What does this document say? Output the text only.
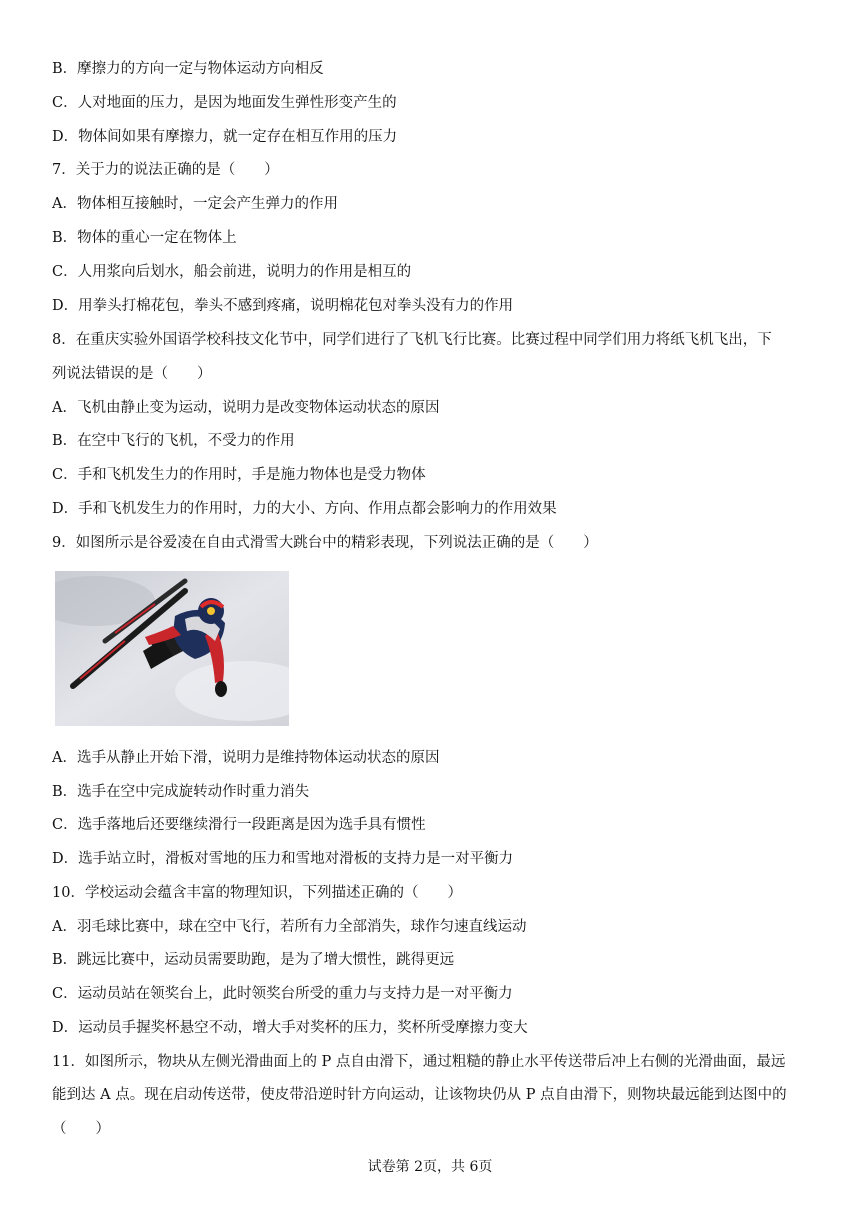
B．摩擦力的方向一定与物体运动方向相反
C．人对地面的压力，是因为地面发生弹性形变产生的
D．物体间如果有摩擦力，就一定存在相互作用的压力
7．关于力的说法正确的是（　　）
A．物体相互接触时，一定会产生弹力的作用
B．物体的重心一定在物体上
C．人用浆向后划水，船会前进，说明力的作用是相互的
D．用拳头打棉花包，拳头不感到疼痛，说明棉花包对拳头没有力的作用
8．在重庆实验外国语学校科技文化节中，同学们进行了飞机飞行比赛。比赛过程中同学们用力将纸飞机飞出，下
列说法错误的是（　　）
A．飞机由静止变为运动，说明力是改变物体运动状态的原因
B．在空中飞行的飞机，不受力的作用
C．手和飞机发生力的作用时，手是施力物体也是受力物体
D．手和飞机发生力的作用时，力的大小、方向、作用点都会影响力的作用效果
9．如图所示是谷爱凌在自由式滑雪大跳台中的精彩表现，下列说法正确的是（　　）
A．选手从静止开始下滑，说明力是维持物体运动状态的原因
B．选手在空中完成旋转动作时重力消失
C．选手落地后还要继续滑行一段距离是因为选手具有惯性
D．选手站立时，滑板对雪地的压力和雪地对滑板的支持力是一对平衡力
10．学校运动会蕴含丰富的物理知识，下列描述正确的（　　）
A．羽毛球比赛中，球在空中飞行，若所有力全部消失，球作匀速直线运动
B．跳远比赛中，运动员需要助跑，是为了增大惯性，跳得更远
C．运动员站在领奖台上，此时领奖台所受的重力与支持力是一对平衡力
D．运动员手握奖杯悬空不动，增大手对奖杯的压力，奖杯所受摩擦力变大
11．如图所示，物块从左侧光滑曲面上的 P 点自由滑下，通过粗糙的静止水平传送带后冲上右侧的光滑曲面，最远
能到达 A 点。现在启动传送带，使皮带沿逆时针方向运动，让该物块仍从 P 点自由滑下，则物块最远能到达图中的
（　　）
试卷第 2页，共 6页
